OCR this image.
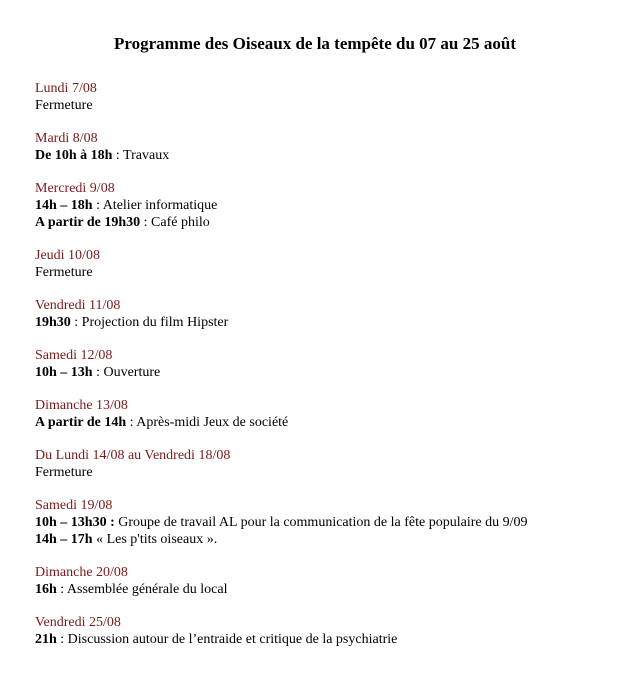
Programme des Oiseaux de la tempête du 07 au 25 août
Lundi 7/08
Fermeture
Mardi 8/08
De 10h à 18h : Travaux
Mercredi 9/08
14h – 18h : Atelier informatique
A partir de 19h30 : Café philo
Jeudi 10/08
Fermeture
Vendredi 11/08
19h30 : Projection du film Hipster
Samedi 12/08
10h – 13h : Ouverture
Dimanche 13/08
A partir de 14h : Après-midi Jeux de société
Du Lundi 14/08 au Vendredi 18/08
Fermeture
Samedi 19/08
10h – 13h30 : Groupe de travail AL pour la communication de la fête populaire du 9/09
14h – 17h « Les p'tits oiseaux ».
Dimanche 20/08
16h : Assemblée générale du local
Vendredi 25/08
21h : Discussion autour de l’entraide et critique de la psychiatrie
